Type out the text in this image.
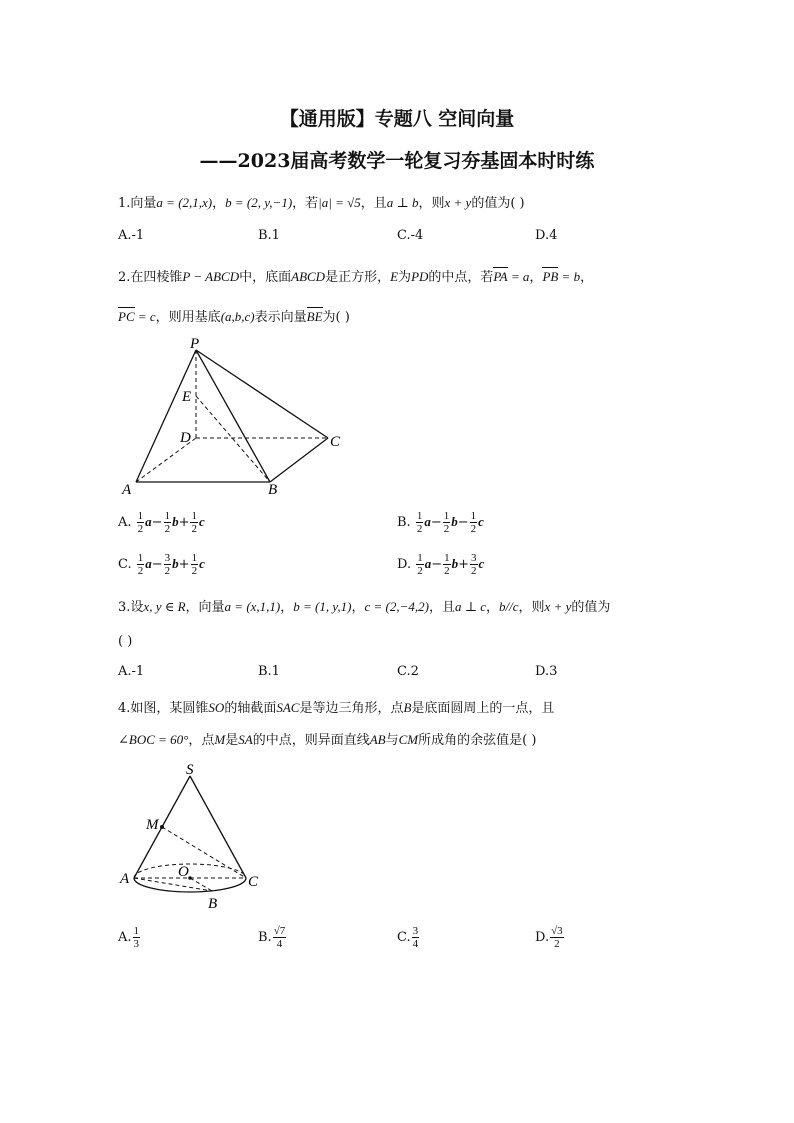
【通用版】专题八 空间向量
——2023届高考数学一轮复习夯基固本时时练
1.向量a = (2,1,x)，b = (2, y,−1)，若|a| = √5，且a ⊥ b，则x + y的值为( )
A.-1	B.1	C.-4	D.4
2.在四棱锥P − ABCD中，底面ABCD是正方形，E为PD的中点，若PA = a，PB = b，
PC = c，则用基底(a,b,c)表示向量BE为( )
P
E
D	C
A	B
A. $\frac{1}{2} a- \frac{1}{2} b+ \frac{1}{2}$ c	B. $\frac{1}{2} a- \frac{1}{2} b- \frac{1}{2}$ c
C. $\frac{1}{2} a- \frac{3}{2} b+ \frac{1}{2}$ c	D. $\frac{1}{2} a- \frac{1}{2} b+ \frac{3}{2}$ c
3.设x, y ∈ R，向量a = (x,1,1)，b = (1, y,1)，c = (2,−4,2)，且a ⊥ c，b//c，则x + y的值为
( )
A.-1	B.1	C.2	D.3
4.如图，某圆锥SO的轴截面SAC是等边三角形，点B是底面圆周上的一点，且
∠BOC = 60°，点M是SA的中点，则异面直线AB与CM所成角的余弦值是( )
S
M
A	O
C
B
A. $\frac{1}{3}$	B. $\frac{√7}{4}$	C. $\frac{3}{4}$	D. $\frac{√3}{2}$
